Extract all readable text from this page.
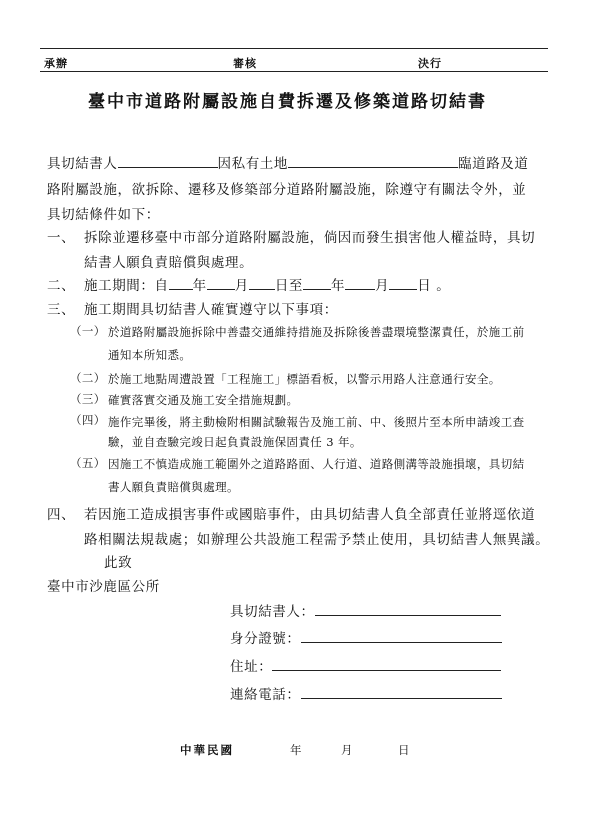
承辦	審核	決行
臺中市道路附屬設施自費拆遷及修築道路切結書
具切結書人	因私有土地	臨道路及道
路附屬設施，欲拆除、遷移及修築部分道路附屬設施，除遵守有關法令外，並
具切結條件如下：
一、 拆除並遷移臺中市部分道路附屬設施，倘因而發生損害他人權益時，具切
結書人願負責賠償與處理。
二、 施工期間：自 年 月 日至 年 月 日 。
三、 施工期間具切結書人確實遵守以下事項：
（一） 於道路附屬設施拆除中善盡交通維持措施及拆除後善盡環境整潔責任，於施工前
通知本所知悉。
（二） 於施工地點周遭設置「工程施工」標語看板，以警示用路人注意通行安全。
（三） 確實落實交通及施工安全措施規劃。
（四） 施作完畢後，將主動檢附相關試驗報告及施工前、中、後照片至本所申請竣工查
驗，並自查驗完竣日起負責設施保固責任 3 年。
（五） 因施工不慎造成施工範圍外之道路路面、人行道、道路側溝等設施損壞，具切結
書人願負責賠償與處理。
四、 若因施工造成損害事件或國賠事件，由具切結書人負全部責任並將逕依道
路相關法規裁處；如辦理公共設施工程需予禁止使用，具切結書人無異議。
此致
臺中市沙鹿區公所
具切結書人：
身分證號：
住址：
連絡電話：
中華民國	年	月	日
